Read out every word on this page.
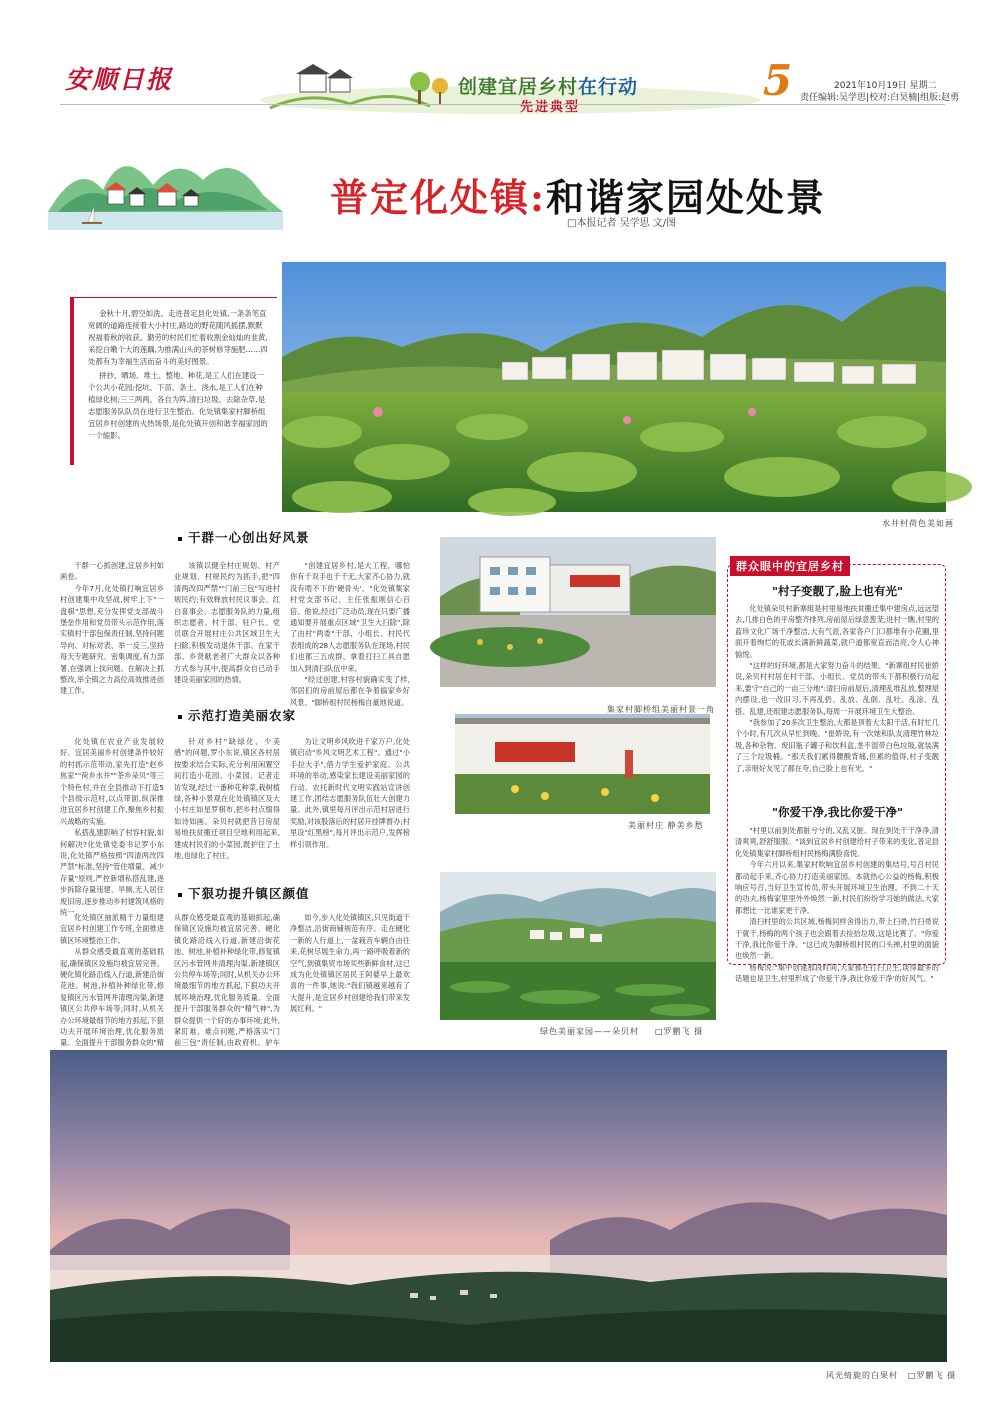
安顺日报	创建宜居乡村在行动
先进典型
5	2021年10月19日 星期二
责任编辑:吴学思|校对:白昊楠|组版:赵勇
普定化处镇:和谐家园处处景
□本报记者 吴学思 文/图
水井村荷色美如画

金秋十月,碧空如洗。走进普定县化处镇,一条条笔直宽阔的道路连接着大小村庄,路边的野花随风摇摆,默默祝福着秋的收获。勤劳的村民们忙着收割金灿灿的韭黄,采挖白嫩个大的莲藕,为推满山头的茶树修芽施肥……四处都有为幸福生活而奋斗的美好图景。

拼抄、晒场、堆土、整地、种花,是工人们在建设一个公共小花园;挖坑、下苗、条土、浇水,是工人们在种植绿化树;三三两两、各自为阵,清扫垃圾、去除杂草,是志愿服务队队员在进行卫生整治。化处镇集家村脚桥组宜居乡村创建的火热场景,是化处镇开创和谐幸福家园的一个缩影。

干群一心创出好风景

干群一心抓创建,宜居乡村如画卷。

今年7月,化处镇打响宜居乡村创建集中攻坚战,树牢上下"一盘棋"思想,充分发挥党支部战斗堡垒作用和党员带头示范作用,落实镇村干部包保责任制,坚持问题导向、对标对表、举一反三,坚持每天专题研究、密集调度,有力部署,在强调上找问题、在解决上抓整改,举全镇之力高位高效推进创建工作。

该镇以健全村庄规划、村产业规划、村规民约为抓手,把"四清两改四严禁""门前三包"写进村规民约;有效释放村民议事会、红白喜事会、志愿服务队的力量,组织志愿者、村干部、驻户长、党员联合开展村庄公共区域卫生大扫除,积极发动退休干部、在家干部、乡贤献老者广大群众以各种方式参与其中,提高群众自己动手建设美丽家园的热情。

"创建宜居乡村,是大工程。哪怕你有千双手也千千无,大家齐心协力,就没有啃不下的'硬骨头'。"化处镇集家村党支部书记、主任张振刚信心百倍。他说,经过广泛动员,现在只要广播通知要开展重点区域"卫生大扫除",除了由村"两委"干部、小组长、村民代表组成的28人志愿服务队在现场,村民们也都三五成群、拿着打扫工具自愿加入到清扫队伍中来。

"经过创建,村容村貌确实变了样,邻居们的房前屋后都在争着搞家乡好风景。"脚桥组村民杨梅自豪地说道。

示范打造美丽农家

化处镇在农业产业发展较好、宜居美丽乡村创建条件较好的村抓示范带动,家先打造"赵乡焦家""荷乡水井""茶乡朵贝"等三个特色村,并在全县推动下打造5个县级示范村,以点带面,纵深推进宜居乡村创建工作,聚焦乡村振兴战略的实施。

私搭乱建影响了村容村貌,如何解决?化处镇党委书记罗小东说,化处镇严格按照"四清两改四严禁"标准,坚持"管住增量、减少存量"原则,严控新增私搭乱建,逐步拆除存量违建、旱厕,无人居住废旧房,逐步推动乡村建筑风格的统一。

针对乡村"缺绿化、少美感"的问题,罗小东说,镇区各村居按要求结合实际,充分利用闲置空间打造小花园、小菜园。记者走访发现,经过一番种花种菜,栽树植绿,各种小景观在化处镇镇区及大小村庄如星罗棋布,把乡村点缀得如诗如画。朵贝村就把昔日房屋易地扶贫搬迁项目空地利用起来,建成村民们的小菜园,既护住了土地,也绿化了村庄。

为让文明乡风吹进千家万户,化处镇启动"乡风文明艺术工程"。通过"小手拉大手",借力学生爱护家庭、公共环境的举动,感染家长建设美丽家园的行动。农托新时代文明实践站宣讲创建工作,团结志愿服务队伍壮大创建力量。此外,镇里每月评出示范村居进行奖励,对该股落后的村居开挂牌督办;村里设"红黑榜",每月评出示范户,发挥榜样引领作用。

下狠功提升镇区颜值

化处镇区抽派精干力量组建宜居乡村创建工作专班,全面推进镇区环境整治工作。

从群众感受最直观的基础抓起,确保镇区设施均被宜居完善。硬化镇化路沿线入行道,新建沿街花池、树池,补植补种绿化带,修复镇区污水管网井清理沟渠,新建镇区公共停车场等;同时,从机关办公环境最细节的地方抓起,下狠功夫开展环境治理,优化服务质量。全面提升干部服务群众的"精

从群众感受最直观的基础抓起,确保镇区设施均被宜居完善。硬化镇化路沿线入行道,新建沿街花池、树池,补植补种绿化带,修复镇区污水管网井清理沟渠,新建镇区公共停车场等;同时,从机关办公环境最细节的地方抓起,下狠功夫开展环境治理,优化服务质量。全面提升干部服务群众的"精气神",为群众提供一个好的办事环境;此外,紧盯难、难点问题,严格落实"门前三包"责任制,由政府机、驴车

如今,步入化处镇镇区,只见街道干净整洁,沿街商铺规范有序。走在硬化一新的人行道上,一盆栽音车辆自由往来,花树尽展生命力,再一路呼吸着新的空气,到镇集贸市场买些新鲜食材,这已成为化处镇镇区居民王阿婆早上最欢喜的一件事,她说:"我们镇越来越有了大提升,是宜居乡村创建给我们带来发展红利。"

集家村脚桥组美丽村景一角
美丽村庄 静美乡愁
绿色美丽家园——朵贝村 □罗鹏飞 摄
群众眼中的宜居乡村
"村子变靓了,脸上也有光"

化处镇朵贝村新寨组是村里易地扶贫搬迁集中建房点,远远望去,几排白色的平房整齐排列,房前屋后绿意葱茏;进村一瞧,村里的蓝珍文化广场干净整洁,大有气派,各家各户门口都堆有小花圃,里面开着绚烂的花或长满新鲜蔬菜,就户道都宽直而洁亮,令人心神愉悦。

"这样的好环境,都是大家努力奋斗的结果。"新寨组村民崔娇说,朵贝村村居在村干部、小组长、党员的带头下都积极行动起来,要守"自己的一亩三分地":清扫房前屋后,清理乱堆乱放,整理屋内摆设,也一改旧习,不再乱扔、乱放、乱倒、乱吐、乱涂、乱搭、乱建,还组建志愿服务队,每周一开展环境卫生大整治。

"我参加了20多次卫生整治,大都是顶着大太阳干活,有时忙几个小时,有几次从早忙到晚。"崔娇说,有一次她和队友清理竹林垃圾,各种杂物、废旧瓶子罐子和饮料盒,垄不湿带白色垃圾,就装满了三个垃圾桶。"那天我们累得腰酸背痛,但累的值得,村子变靓了,亲朋好友见了都在夸,自己脸上也有光。"

"你爱干净,我比你爱干净"

"村里以前到处都脏兮兮的,又乱又脏。现在到处干干净净,清清爽爽,舒舒服服。"谈到宜居乡村创建给村子带来的变化,普定县化处镇集家村脚桥组村民杨梅满脸喜悦。

今年六月以来,集家村吹响宜居乡村创建的集结号,号召村民都动起手来,齐心协力打造美丽家园。本就热心公益的杨梅,积极响应号召,当好卫生宣传员,带头开展环境卫生治理。不到二十天的功夫,杨梅家里里外外焕然一新,村民们纷纷学习她的做法,大家都想比一比谁家更干净。

清扫村里的公共区域,杨梅同样舍得出力,带上扫帚,竹扫帚说干就干,杨梅的两个孩子也会跟着去捡拾垃圾,这是比赛了。"你爱干净,我比你爱干净。"这已成为脚桥组村民的口头禅,村里的面貌也焕然一新。

杨梅说:"集中创建那段时间,大家都在打扫卫生,谈得最多的话题也是卫生,村里形成了'你爱干净,我比你爱干净'的好风气。"

风光绮旎的白果村 □罗鹏飞 摄
